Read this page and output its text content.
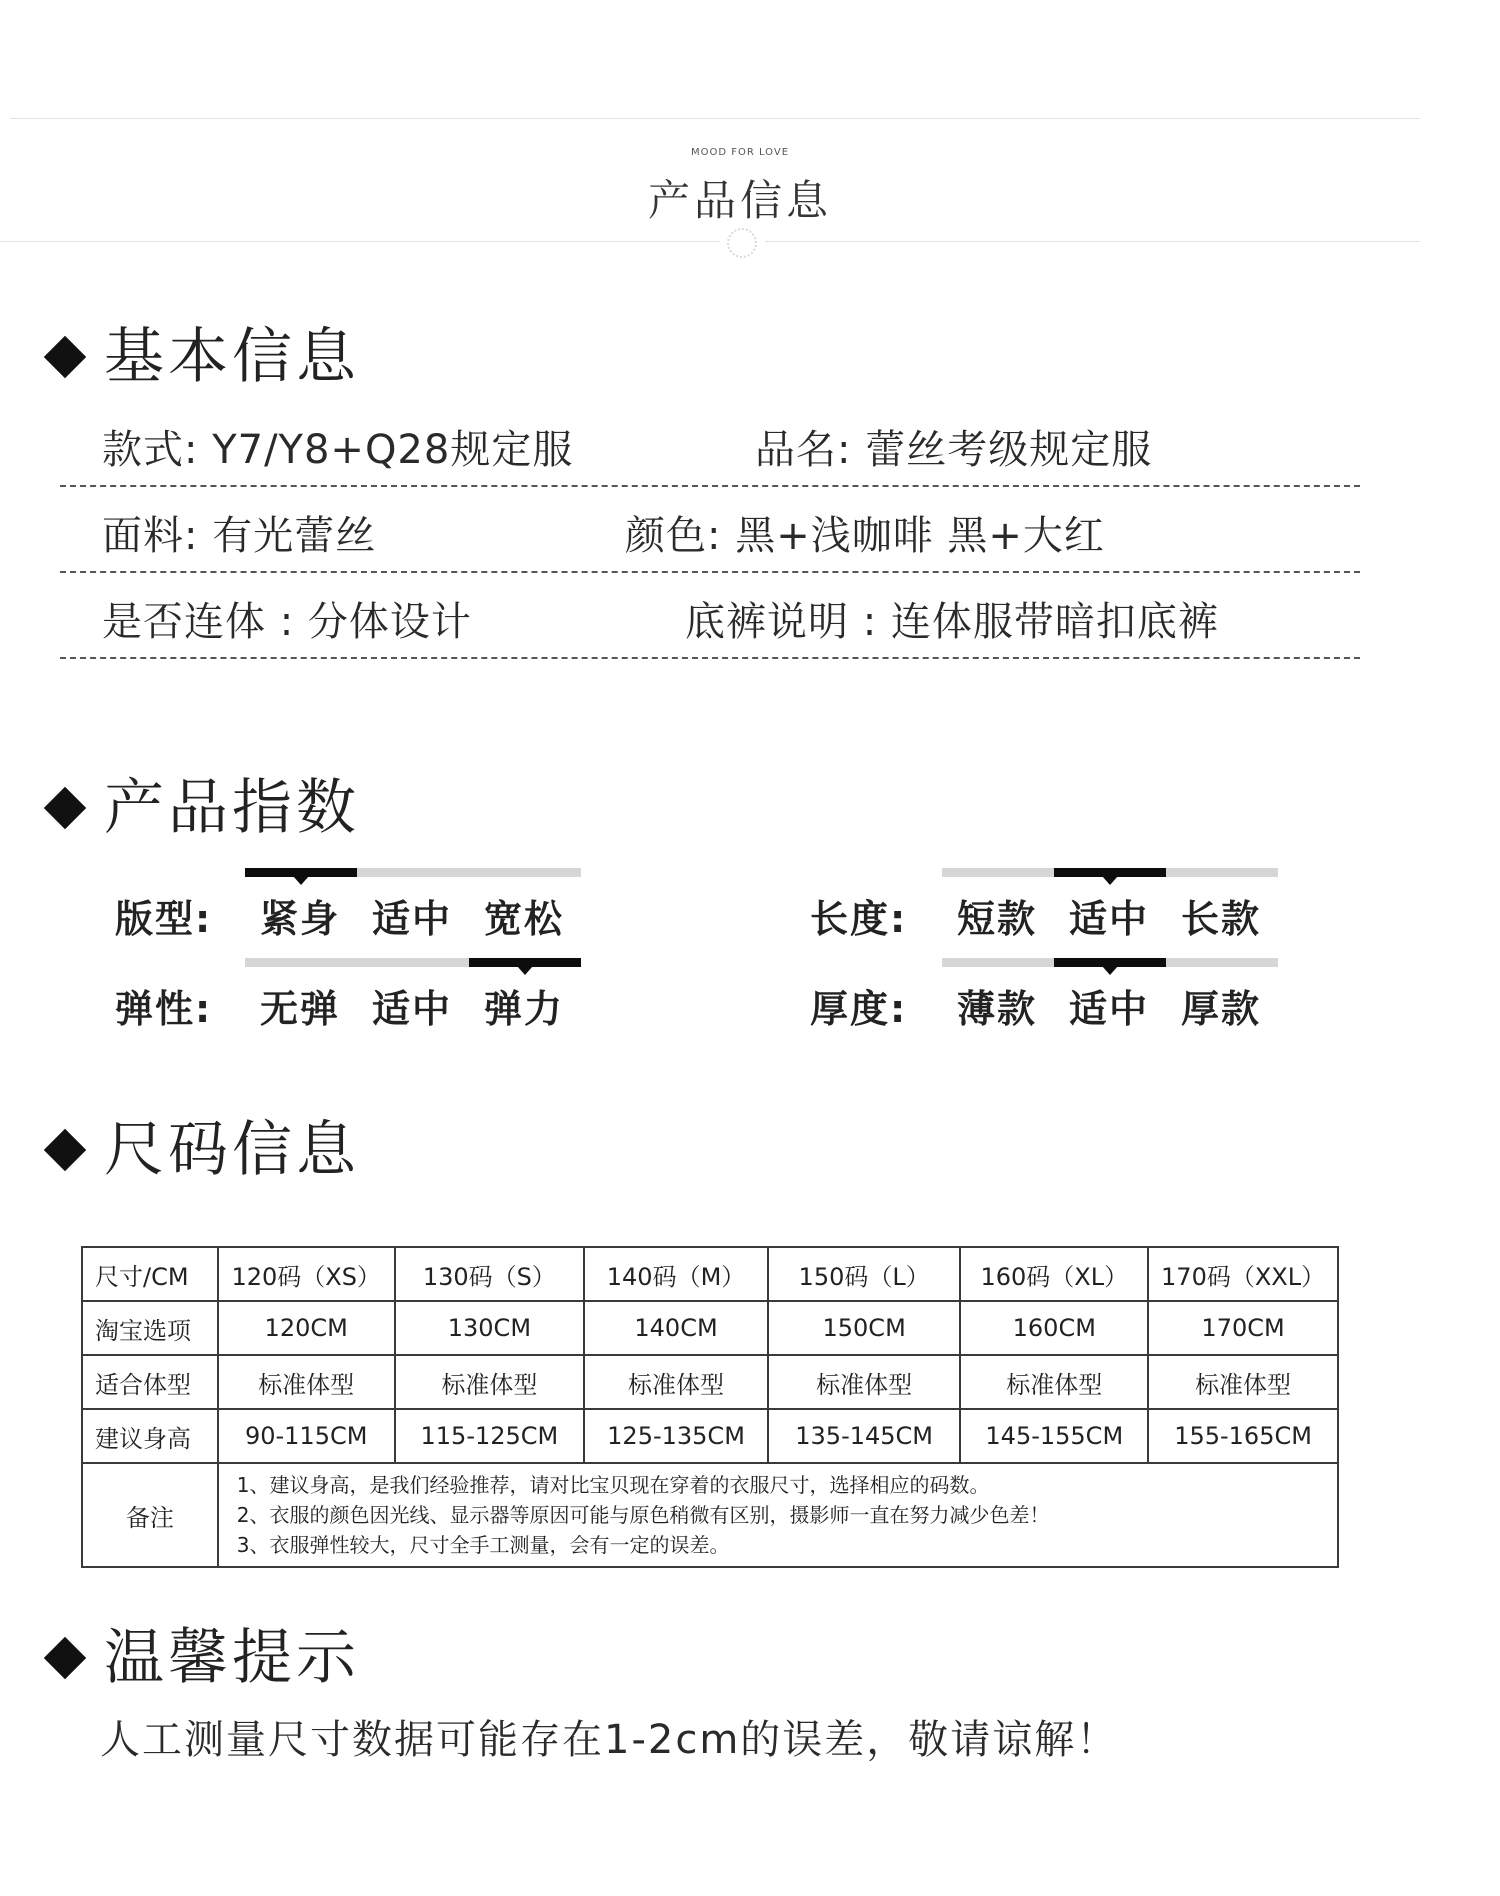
MOOD FOR LOVE
产品信息
基本信息
款式: Y7/Y8+Q28规定服	品名: 蕾丝考级规定服
面料: 有光蕾丝	颜色: 黑+浅咖啡 黑+大红
是否连体 : 分体设计	底裤说明 : 连体服带暗扣底裤
产品指数
版型:	紧身 适中 宽松	长度:	短款 适中 长款
弹性:	无弹 适中 弹力	厚度:	薄款 适中 厚款
尺码信息
尺寸/CM	120码（XS）	130码（S）	140码（M）	150码（L）	160码（XL）	170码（XXL）
淘宝选项	120CM	130CM	140CM	150CM	160CM	170CM
适合体型	标准体型	标准体型	标准体型	标准体型	标准体型	标准体型
建议身高	90-115CM	115-125CM	125-135CM	135-145CM	145-155CM	155-165CM
备注	1、建议身高，是我们经验推荐，请对比宝贝现在穿着的衣服尺寸，选择相应的码数。
2、衣服的颜色因光线、显示器等原因可能与原色稍微有区别，摄影师一直在努力减少色差！
3、衣服弹性较大，尺寸全手工测量，会有一定的误差。					
温馨提示
人工测量尺寸数据可能存在1-2cm的误差，敬请谅解！
